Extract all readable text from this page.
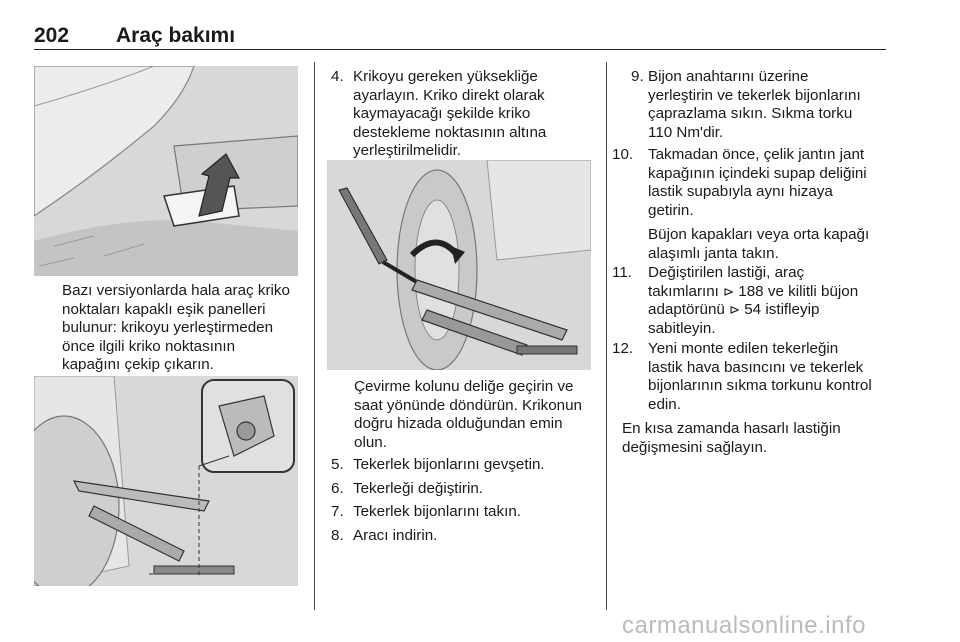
202 Araç bakımı
Bazı versiyonlarda hala araç kriko
noktaları kapaklı eşik panelleri
bulunur: krikoyu yerleştirmeden
önce ilgili kriko noktasının
kapağını çekip çıkarın.
4. Krikoyu gereken yüksekliğe
ayarlayın. Kriko direkt olarak
kaymayacağı şekilde kriko
destekleme noktasının altına
yerleştirilmelidir.
Çevirme kolunu deliğe geçirin ve
saat yönünde döndürün. Krikonun
doğru hizada olduğundan emin
olun.
5. Tekerlek bijonlarını gevşetin.
6. Tekerleği değiştirin.
7. Tekerlek bijonlarını takın.
8. Aracı indirin.
9. Bijon anahtarını üzerine
yerleştirin ve tekerlek bijonlarını
çaprazlama sıkın. Sıkma torku
110 Nm'dir.
10. Takmadan önce, çelik jantın jant
kapağının içindeki supap deliğini
lastik supabıyla aynı hizaya
getirin.
Büjon kapakları veya orta kapağı
alaşımlı janta takın.
11. Değiştirilen lastiği, araç
takımlarını ⊳ 188 ve kilitli büjon
adaptörünü ⊳ 54 istifleyip
sabitleyin.
12. Yeni monte edilen tekerleğin
lastik hava basıncını ve tekerlek
bijonlarının sıkma torkunu kontrol
edin.
En kısa zamanda hasarlı lastiğin
değişmesini sağlayın.
carmanualsonline.info
